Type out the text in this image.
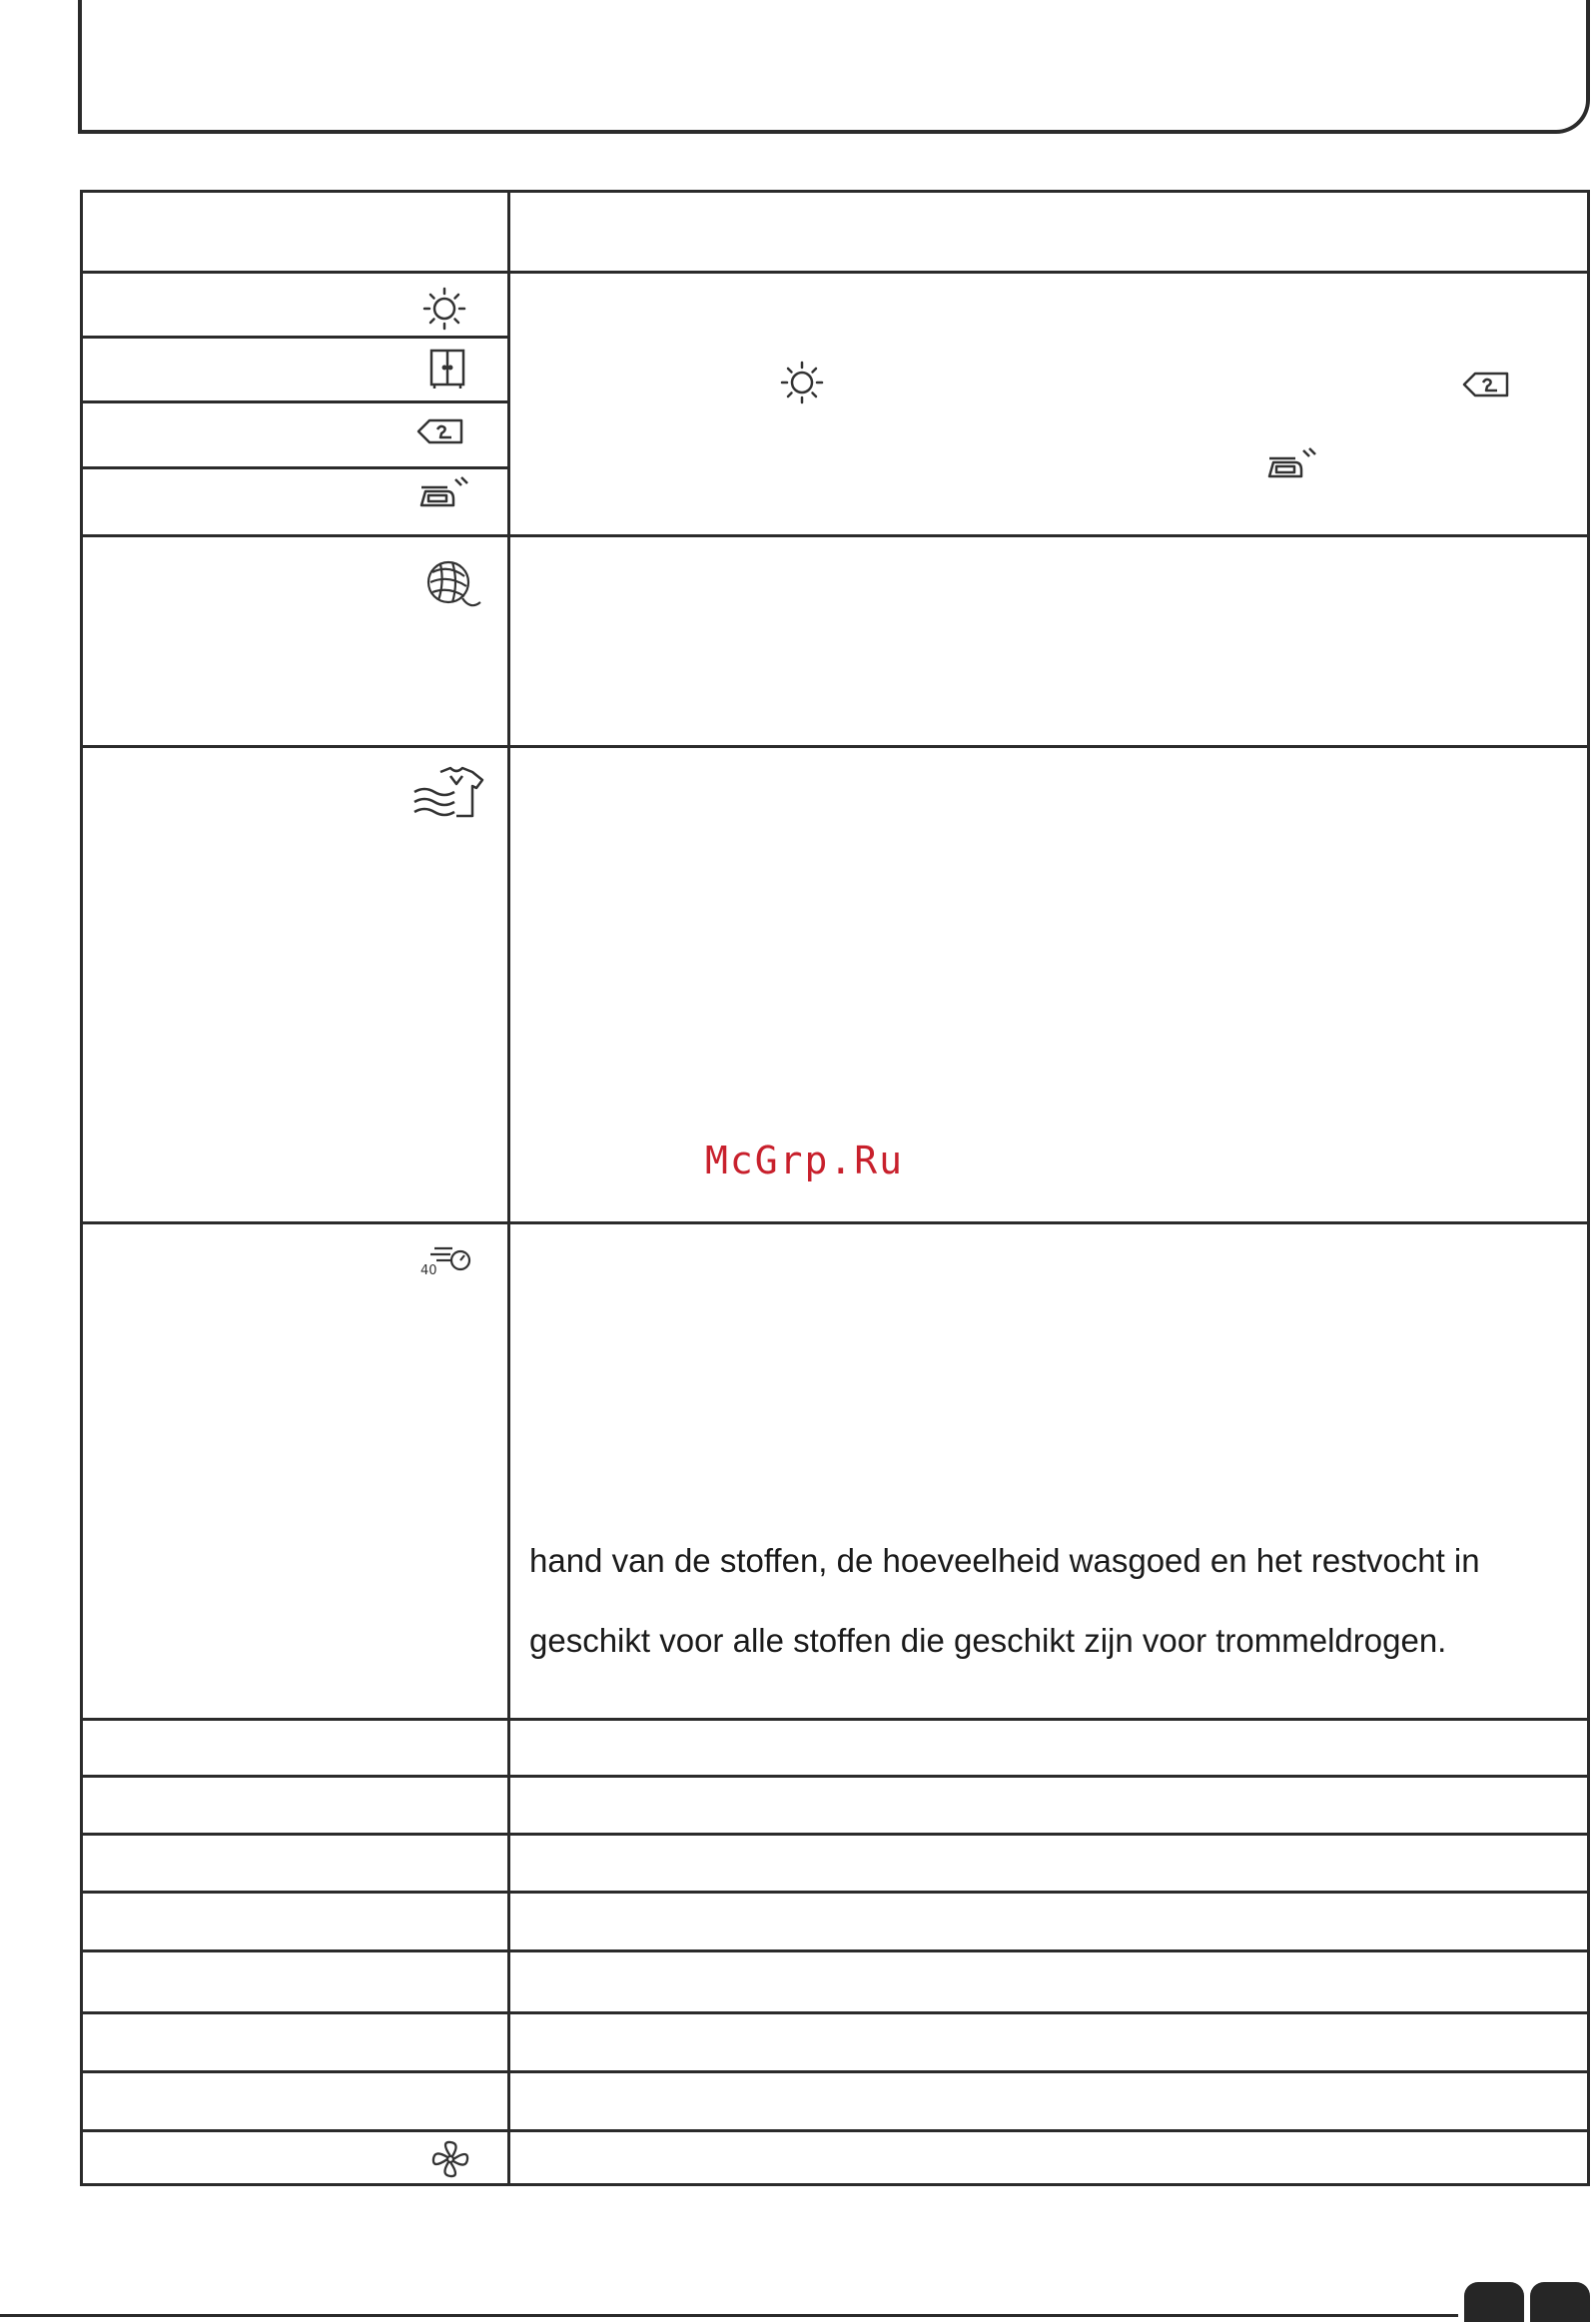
40
McGrp.Ru
hand van de stoffen, de hoeveelheid wasgoed en het restvocht in
geschikt voor alle stoffen die geschikt zijn voor trommeldrogen.
